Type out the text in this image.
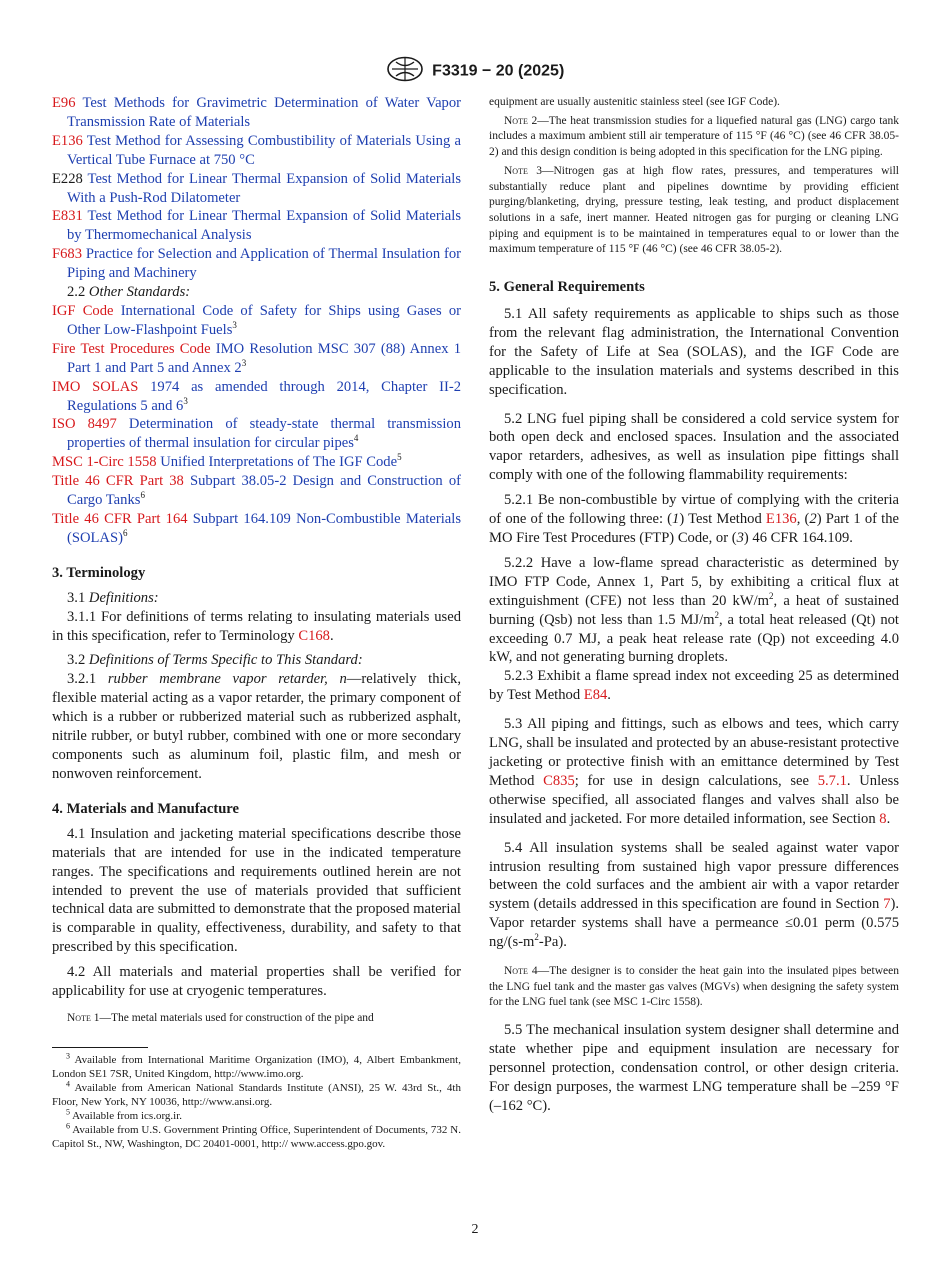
F3319 − 20 (2025)

E96 Test Methods for Gravimetric Determination of Water Vapor Transmission Rate of Materials

E136 Test Method for Assessing Combustibility of Materials Using a Vertical Tube Furnace at 750 °C

E228 Test Method for Linear Thermal Expansion of Solid Materials With a Push-Rod Dilatometer

E831 Test Method for Linear Thermal Expansion of Solid Materials by Thermomechanical Analysis

F683 Practice for Selection and Application of Thermal Insulation for Piping and Machinery

2.2 Other Standards:

IGF Code International Code of Safety for Ships using Gases or Other Low-Flashpoint Fuels$^3$

Fire Test Procedures Code IMO Resolution MSC 307 (88) Annex 1 Part 1 and Part 5 and Annex $2^3$

IMO SOLAS 1974 as amended through 2014, Chapter II-2 Regulations 5 and $6^3$

ISO 8497 Determination of steady-state thermal transmission properties of thermal insulation for circular pipes$^4$

MSC 1-Circ 1558 Unified Interpretations of The IGF Code$^5$

Title 46 CFR Part 38 Subpart 38.05-2 Design and Construction of Cargo Tanks$^6$

Title 46 CFR Part 164 Subpart 164.109 Non-Combustible Materials (SOLAS)$^6$

3. Terminology

3.1 Definitions:

3.1.1 For definitions of terms relating to insulating materials used in this specification, refer to Terminology C168.

3.2 Definitions of Terms Specific to This Standard:

3.2.1 rubber membrane vapor retarder, n—relatively thick, flexible material acting as a vapor retarder, the primary component of which is a rubber or rubberized material such as rubberized asphalt, nitrile rubber, or butyl rubber, combined with one or more secondary components such as aluminum foil, plastic film, and mesh or nonwoven reinforcement.

4. Materials and Manufacture

4.1 Insulation and jacketing material specifications describe those materials that are intended for use in the indicated temperature ranges. The specifications and requirements outlined herein are not intended to prevent the use of materials provided that sufficient technical data are submitted to demonstrate that the proposed material is comparable in quality, effectiveness, durability, and safety to that prescribed by this specification.

4.2 All materials and material properties shall be verified for applicability for use at cryogenic temperatures.

Note 1—The metal materials used for construction of the pipe and

$^3$ Available from International Maritime Organization (IMO), 4, Albert Embankment, London SE1 7SR, United Kingdom, http://www.imo.org.

$^4$ Available from American National Standards Institute (ANSI), 25 W. 43rd St., 4th Floor, New York, NY 10036, http://www.ansi.org.

$^5$ Available from ics.org.ir.

$^6$ Available from U.S. Government Printing Office, Superintendent of Documents, 732 N. Capitol St., NW, Washington, DC 20401-0001, http:// www.access.gpo.gov.

equipment are usually austenitic stainless steel (see IGF Code).

Note 2—The heat transmission studies for a liquefied natural gas (LNG) cargo tank includes a maximum ambient still air temperature of 115 °F (46 °C) (see 46 CFR 38.05-2) and this design condition is being adopted in this specification for the LNG piping.

Note 3—Nitrogen gas at high flow rates, pressures, and temperatures will substantially reduce plant and pipelines downtime by providing efficient purging/blanketing, drying, pressure testing, leak testing, and product displacement solutions in a safe, inert manner. Heated nitrogen gas for purging or cleaning LNG piping and equipment is to be maintained in temperatures equal to or lower than the maximum temperature of 115 °F (46 °C) (see 46 CFR 38.05-2).

5. General Requirements

5.1 All safety requirements as applicable to ships such as those from the relevant flag administration, the International Convention for the Safety of Life at Sea (SOLAS), and the IGF Code are applicable to the insulation materials and systems described in this specification.

5.2 LNG fuel piping shall be considered a cold service system for both open deck and enclosed spaces. Insulation and the associated vapor retarders, adhesives, as well as insulation pipe fittings shall comply with one of the following flammability requirements:

5.2.1 Be non-combustible by virtue of complying with the criteria of one of the following three: (1) Test Method E136, (2) Part 1 of the MO Fire Test Procedures (FTP) Code, or (3) 46 CFR 164.109.

5.2.2 Have a low-flame spread characteristic as determined by IMO FTP Code, Annex 1, Part 5, by exhibiting a critical flux at extinguishment (CFE) not less than 20 $kW/m^2$, a heat of sustained burning (Qsb) not less than 1.5 $MJ/m^2$, a total heat released (Qt) not exceeding 0.7 MJ, a peak heat release rate (Qp) not exceeding 4.0 kW, and not generating burning droplets.

5.2.3 Exhibit a flame spread index not exceeding 25 as determined by Test Method E84.

5.3 All piping and fittings, such as elbows and tees, which carry LNG, shall be insulated and protected by an abuse-resistant protective jacketing or protective finish with an emittance determined by Test Method C835; for use in design calculations, see 5.7.1. Unless otherwise specified, all associated flanges and valves shall also be insulated and jacketed. For more detailed information, see Section 8.

5.4 All insulation systems shall be sealed against water vapor intrusion resulting from sustained high vapor pressure differences between the cold surfaces and the ambient air with a vapor retarder system (details addressed in this specification are found in Section 7). Vapor retarder systems shall have a permeance ≤0.01 perm (0.575 $ng/(s-m^2-Pa)$.

Note 4—The designer is to consider the heat gain into the insulated pipes between the LNG fuel tank and the master gas valves (MGVs) when designing the safety system for the LNG fuel tank (see MSC 1-Circ 1558).

5.5 The mechanical insulation system designer shall determine and state whether pipe and equipment insulation are necessary for personnel protection, condensation control, or other design criteria. For design purposes, the warmest LNG temperature shall be –259 °F (–162 °C).

2
